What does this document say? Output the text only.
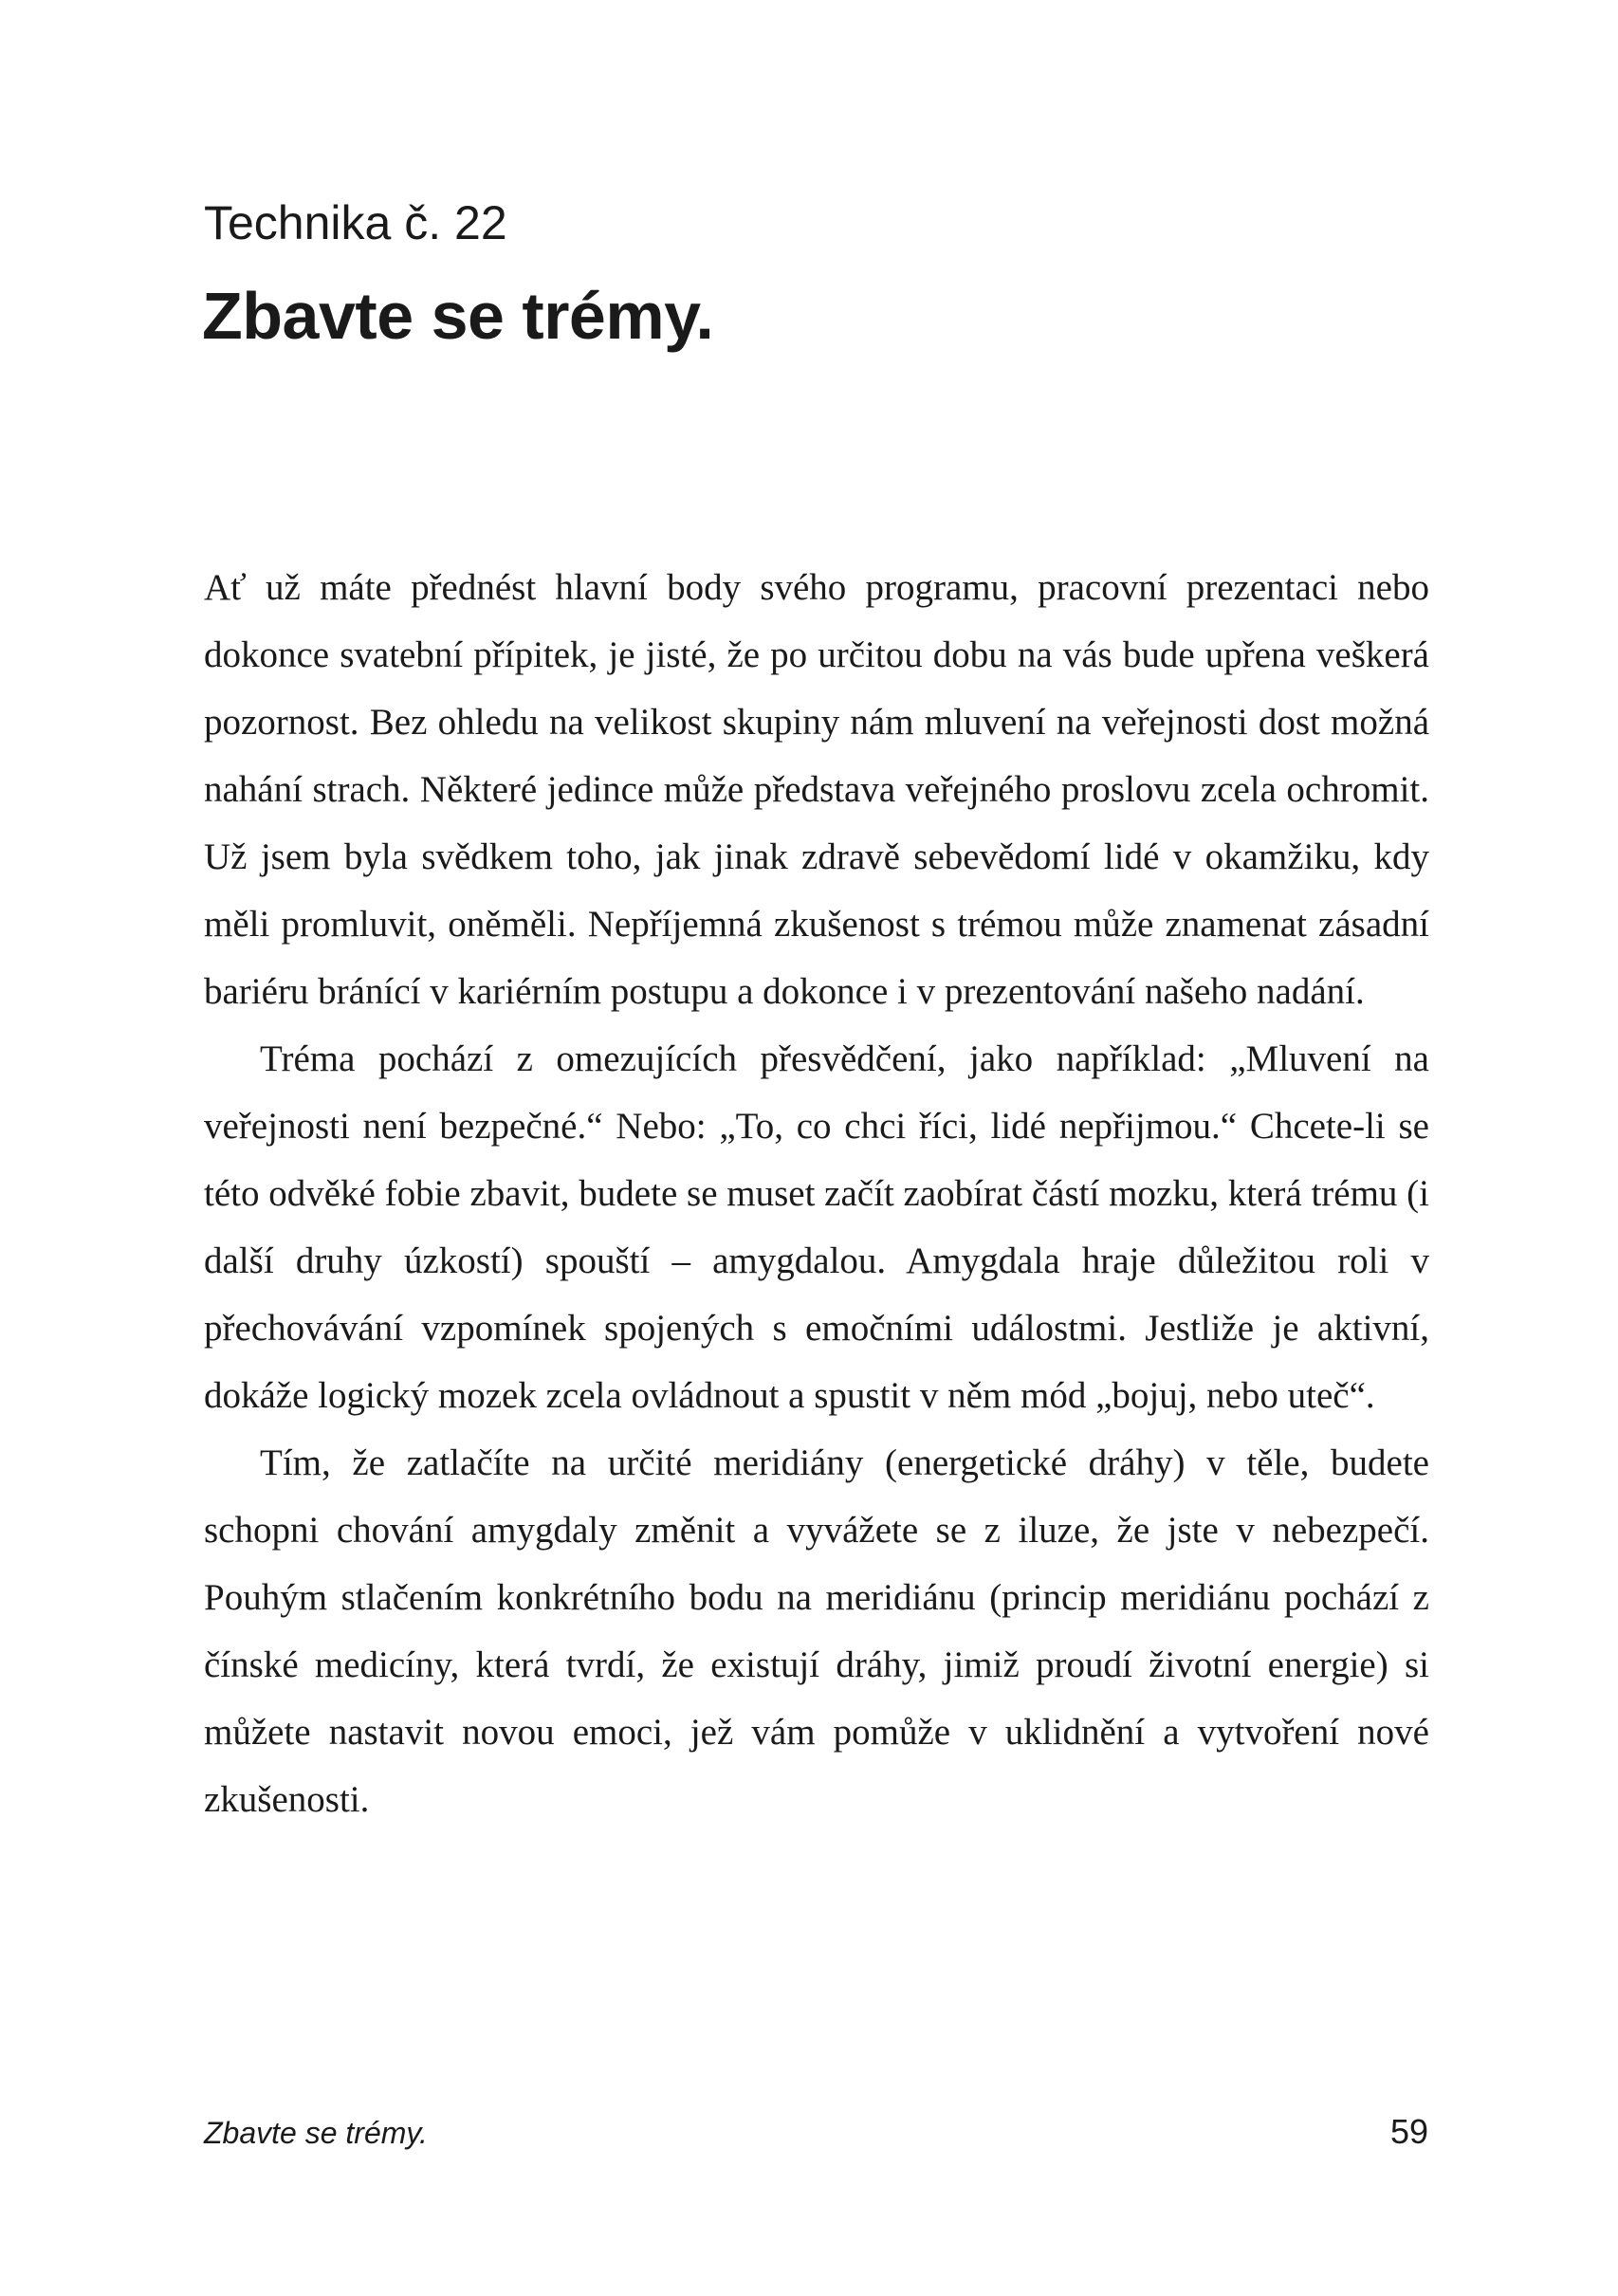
Technika č. 22
Zbavte se trémy.

Ať už máte přednést hlavní body svého programu, pracovní prezentaci nebo dokonce svatební přípitek, je jisté, že po určitou dobu na vás bude upřena veškerá pozornost. Bez ohledu na velikost skupiny nám mluvení na veřejnosti dost možná nahání strach. Některé jedince může představa veřejného proslovu zcela ochromit. Už jsem byla svědkem toho, jak jinak zdravě sebevědomí lidé v okamžiku, kdy měli promluvit, oněměli. Nepříjemná zkušenost s trémou může znamenat zásadní bariéru bránící v kariérním postupu a dokonce i v prezentování našeho nadání.

Tréma pochází z omezujících přesvědčení, jako například: „Mluvení na veřejnosti není bezpečné.“ Nebo: „To, co chci říci, lidé nepřijmou.“ Chcete-li se této odvěké fobie zbavit, budete se muset začít zaobírat částí mozku, která trému (i další druhy úzkostí) spouští – amygdalou. Amygdala hraje důležitou roli v přechovávání vzpomínek spojených s emočními událostmi. Jestliže je aktivní, dokáže logický mozek zcela ovládnout a spustit v něm mód „bojuj, nebo uteč“.

Tím, že zatlačíte na určité meridiány (energetické dráhy) v těle, budete schopni chování amygdaly změnit a vyvážete se z iluze, že jste v nebezpečí. Pouhým stlačením konkrétního bodu na meridiánu (princip meridiánu pochází z čínské medicíny, která tvrdí, že existují dráhy, jimiž proudí životní energie) si můžete nastavit novou emoci, jež vám pomůže v uklidnění a vytvoření nové zkušenosti.

Zbavte se trémy.	59
